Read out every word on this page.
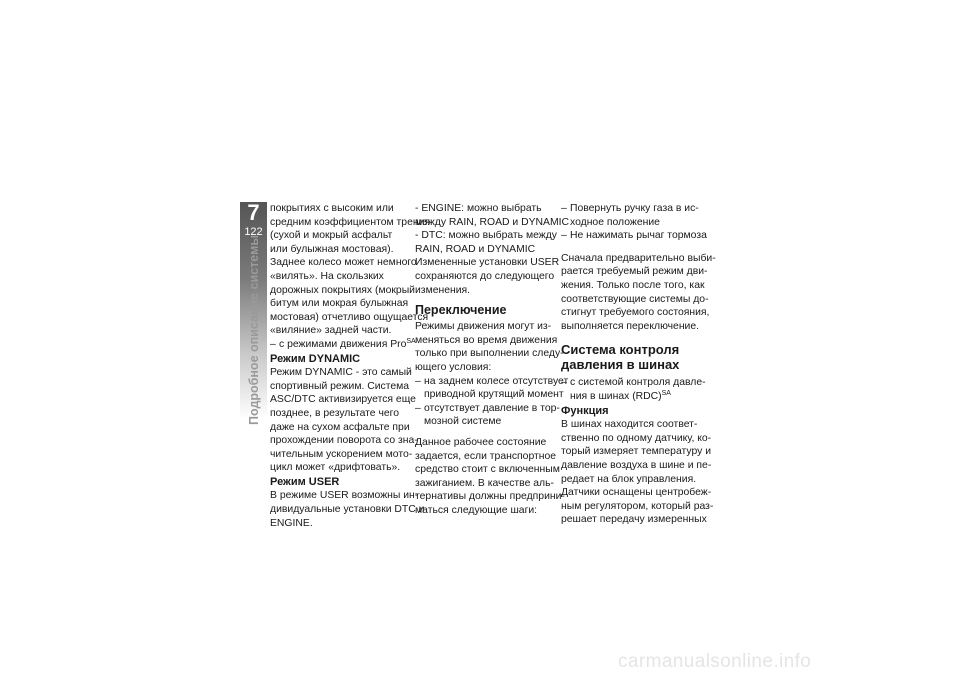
7
122
Подробное описание системы
покрытиях с высоким или
средним коэффициентом трения
(сухой и мокрый асфальт
или булыжная мостовая).
Заднее колесо может немного
«вилять». На скользких
дорожных покрытиях (мокрый
битум или мокрая булыжная
мостовая) отчетливо ощущается
«виляние» задней части.
– с режимами движения Pro$^{SA}$
Режим DYNAMIC
Режим DYNAMIC - это самый
спортивный режим. Система
ASC/DTC активизируется еще
позднее, в результате чего
даже на сухом асфальте при
прохождении поворота со зна-
чительным ускорением мото-
цикл может «дрифтовать».
Режим USER
В режиме USER возможны ин-
дивидуальные установки DTC и
ENGINE.
- ENGINE: можно выбрать
между RAIN, ROAD и DYNAMIC
- DTC: можно выбрать между
RAIN, ROAD и DYNAMIC
Измененные установки USER
сохраняются до следующего
изменения.
Переключение
Режимы движения могут из-
меняться во время движения
только при выполнении следу-
ющего условия:
– на заднем колесе отсутствует
приводной крутящий момент
– отсутствует давление в тор-
мозной системе
Данное рабочее состояние
задается, если транспортное
средство стоит с включенным
зажиганием. В качестве аль-
тернативы должны предприни-
маться следующие шаги:
– Повернуть ручку газа в ис-
ходное положение
– Не нажимать рычаг тормоза
Сначала предварительно выби-
рается требуемый режим дви-
жения. Только после того, как
соответствующие системы до-
стигнут требуемого состояния,
выполняется переключение.
Система контроля
давления в шинах
– с системой контроля давле-
ния в шинах (RDC)$^{SA}$
Функция
В шинах находится соответ-
ственно по одному датчику, ко-
торый измеряет температуру и
давление воздуха в шине и пе-
редает на блок управления.
Датчики оснащены центробеж-
ным регулятором, который раз-
решает передачу измеренных
carmanualsonline.info
